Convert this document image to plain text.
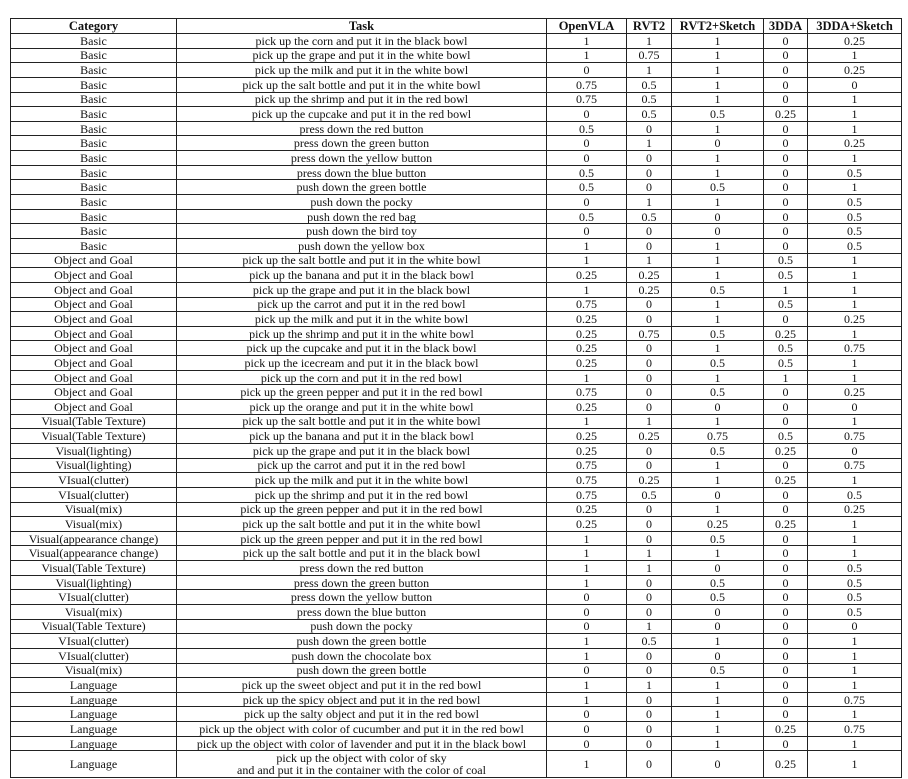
Category	Task	OpenVLA	RVT2	RVT2+Sketch	3DDA	3DDA+Sketch
Basic	pick up the corn and put it in the black bowl	1	1	1	0	0.25
Basic	pick up the grape and put it in the white bowl	1	0.75	1	0	1
Basic	pick up the milk and put it in the white bowl	0	1	1	0	0.25
Basic	pick up the salt bottle and put it in the white bowl	0.75	0.5	1	0	0
Basic	pick up the shrimp and put it in the red bowl	0.75	0.5	1	0	1
Basic	pick up the cupcake and put it in the red bowl	0	0.5	0.5	0.25	1
Basic	press down the red button	0.5	0	1	0	1
Basic	press down the green button	0	1	0	0	0.25
Basic	press down the yellow button	0	0	1	0	1
Basic	press down the blue button	0.5	0	1	0	0.5
Basic	push down the green bottle	0.5	0	0.5	0	1
Basic	push down the pocky	0	1	1	0	0.5
Basic	push down the red bag	0.5	0.5	0	0	0.5
Basic	push down the bird toy	0	0	0	0	0.5
Basic	push down the yellow box	1	0	1	0	0.5
Object and Goal	pick up the salt bottle and put it in the white bowl	1	1	1	0.5	1
Object and Goal	pick up the banana and put it in the black bowl	0.25	0.25	1	0.5	1
Object and Goal	pick up the grape and put it in the black bowl	1	0.25	0.5	1	1
Object and Goal	pick up the carrot and put it in the red bowl	0.75	0	1	0.5	1
Object and Goal	pick up the milk and put it in the white bowl	0.25	0	1	0	0.25
Object and Goal	pick up the shrimp and put it in the white bowl	0.25	0.75	0.5	0.25	1
Object and Goal	pick up the cupcake and put it in the black bowl	0.25	0	1	0.5	0.75
Object and Goal	pick up the icecream and put it in the black bowl	0.25	0	0.5	0.5	1
Object and Goal	pick up the corn and put it in the red bowl	1	0	1	1	1
Object and Goal	pick up the green pepper and put it in the red bowl	0.75	0	0.5	0	0.25
Object and Goal	pick up the orange and put it in the white bowl	0.25	0	0	0	0
Visual(Table Texture)	pick up the salt bottle and put it in the white bowl	1	1	1	0	1
Visual(Table Texture)	pick up the banana and put it in the black bowl	0.25	0.25	0.75	0.5	0.75
Visual(lighting)	pick up the grape and put it in the black bowl	0.25	0	0.5	0.25	0
Visual(lighting)	pick up the carrot and put it in the red bowl	0.75	0	1	0	0.75
VIsual(clutter)	pick up the milk and put it in the white bowl	0.75	0.25	1	0.25	1
VIsual(clutter)	pick up the shrimp and put it in the red bowl	0.75	0.5	0	0	0.5
Visual(mix)	pick up the green pepper and put it in the red bowl	0.25	0	1	0	0.25
Visual(mix)	pick up the salt bottle and put it in the white bowl	0.25	0	0.25	0.25	1
Visual(appearance change)	pick up the green pepper and put it in the red bowl	1	0	0.5	0	1
Visual(appearance change)	pick up the salt bottle and put it in the black bowl	1	1	1	0	1
Visual(Table Texture)	press down the red button	1	1	0	0	0.5
Visual(lighting)	press down the green button	1	0	0.5	0	0.5
VIsual(clutter)	press down the yellow button	0	0	0.5	0	0.5
Visual(mix)	press down the blue button	0	0	0	0	0.5
Visual(Table Texture)	push down the pocky	0	1	0	0	0
VIsual(clutter)	push down the green bottle	1	0.5	1	0	1
VIsual(clutter)	push down the chocolate box	1	0	0	0	1
Visual(mix)	push down the green bottle	0	0	0.5	0	1
Language	pick up the sweet object and put it in the red bowl	1	1	1	0	1
Language	pick up the spicy object and put it in the red bowl	1	0	1	0	0.75
Language	pick up the salty object and put it in the red bowl	0	0	1	0	1
Language	pick up the object with color of cucumber and put it in the red bowl	0	0	1	0.25	0.75
Language	pick up the object with color of lavender and put it in the black bowl	0	0	1	0	1
Language	pick up the object with color of sky
and and put it in the container with the color of coal	1	0	0	0.25	1
